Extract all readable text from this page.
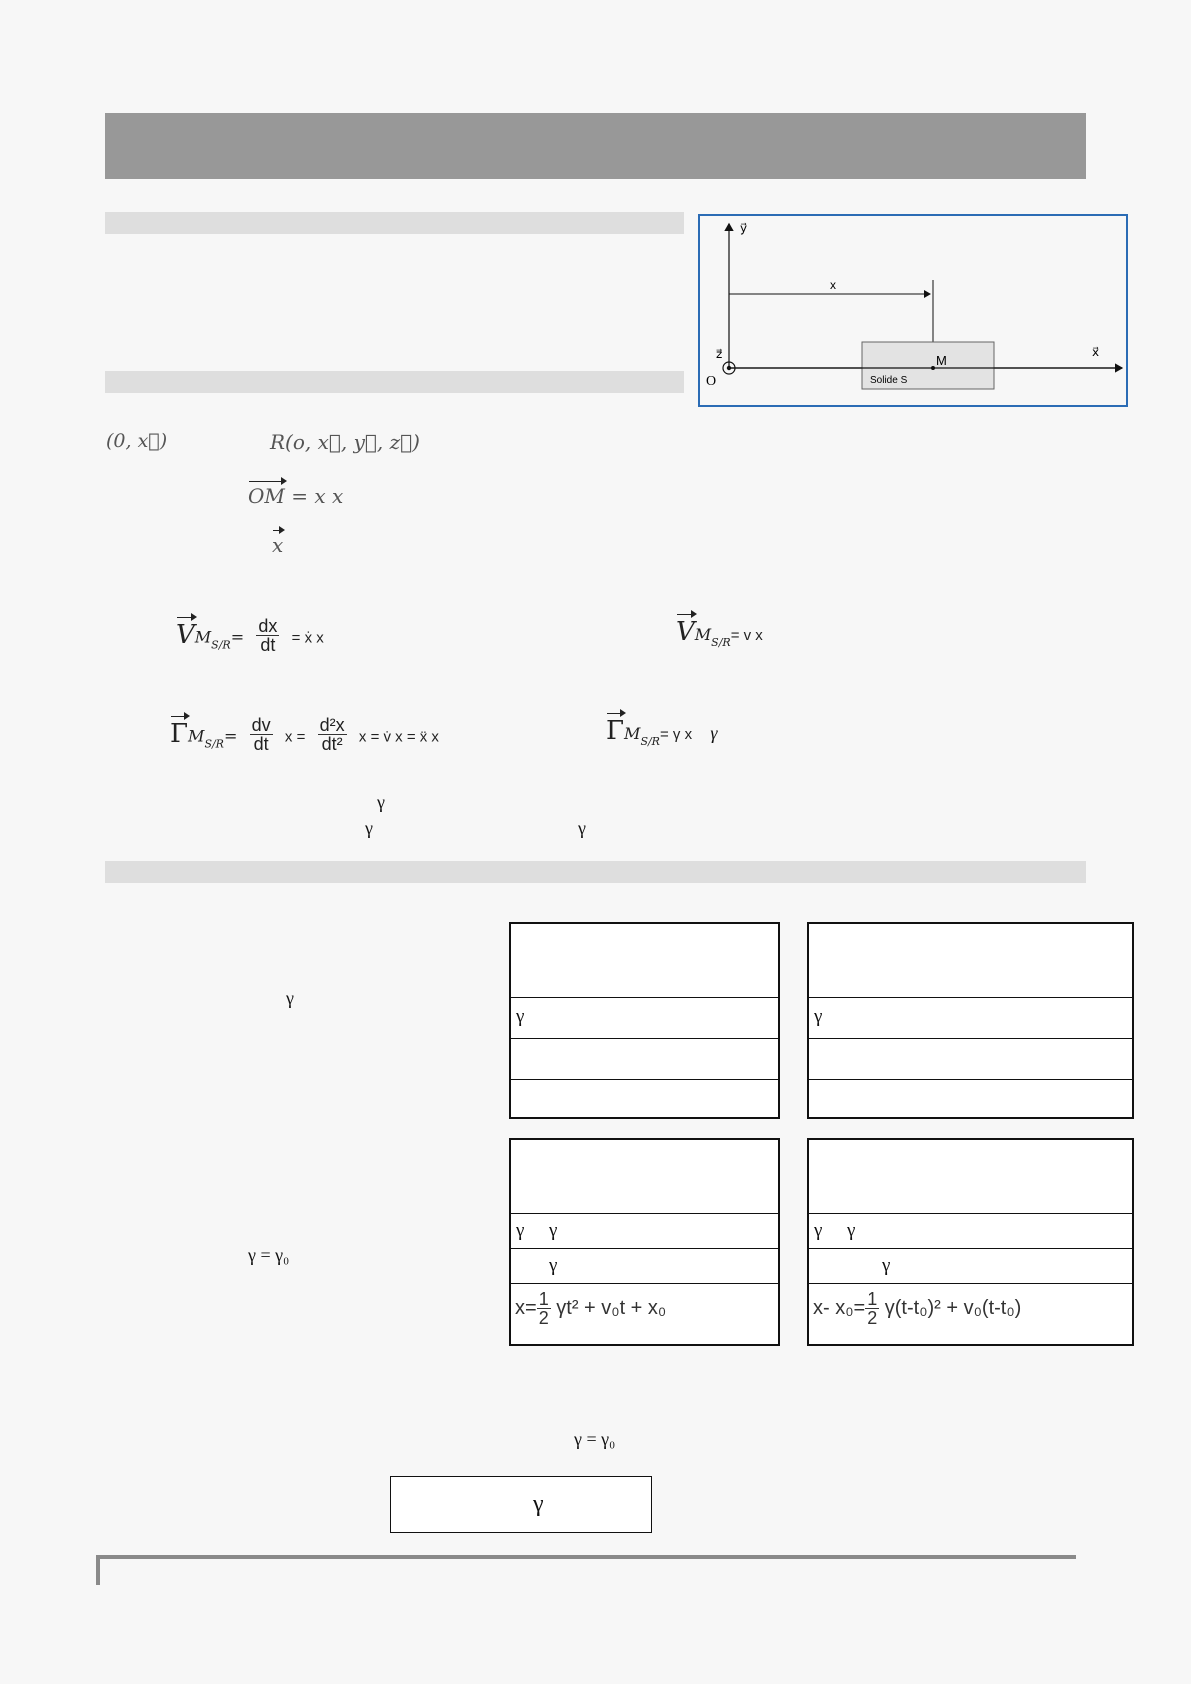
y⃗
x⃗
z⃗
O
x
M
Solide S
(0, x⃗)	R(o, x⃗, y⃗, z⃗)
OM = x x
x
$VM_{S/R}= \frac{dx}{dt}$ = ẋ x	$VM_{S/R}= v$ x
$\Gamma M_{S/R}= \frac{dv}{dt}$ $x = \frac{\text{d²x}}{\text{dt²}}$ x = v̇ x = ẍ x	$\Gamma M_{S/R}= \gamma$ x γ
γ
γ	γ
γ
γ = γ₀
γ = γ₀
γ	γ
γ γ
γ
$x= \frac{1}{2} \gamma t^2 + v_0t + x_0$
γ γ
γ
x- $x_0= \frac{1}{2} \gamma(t-t_0)^2 + v_0(t-t_0)$
γ
